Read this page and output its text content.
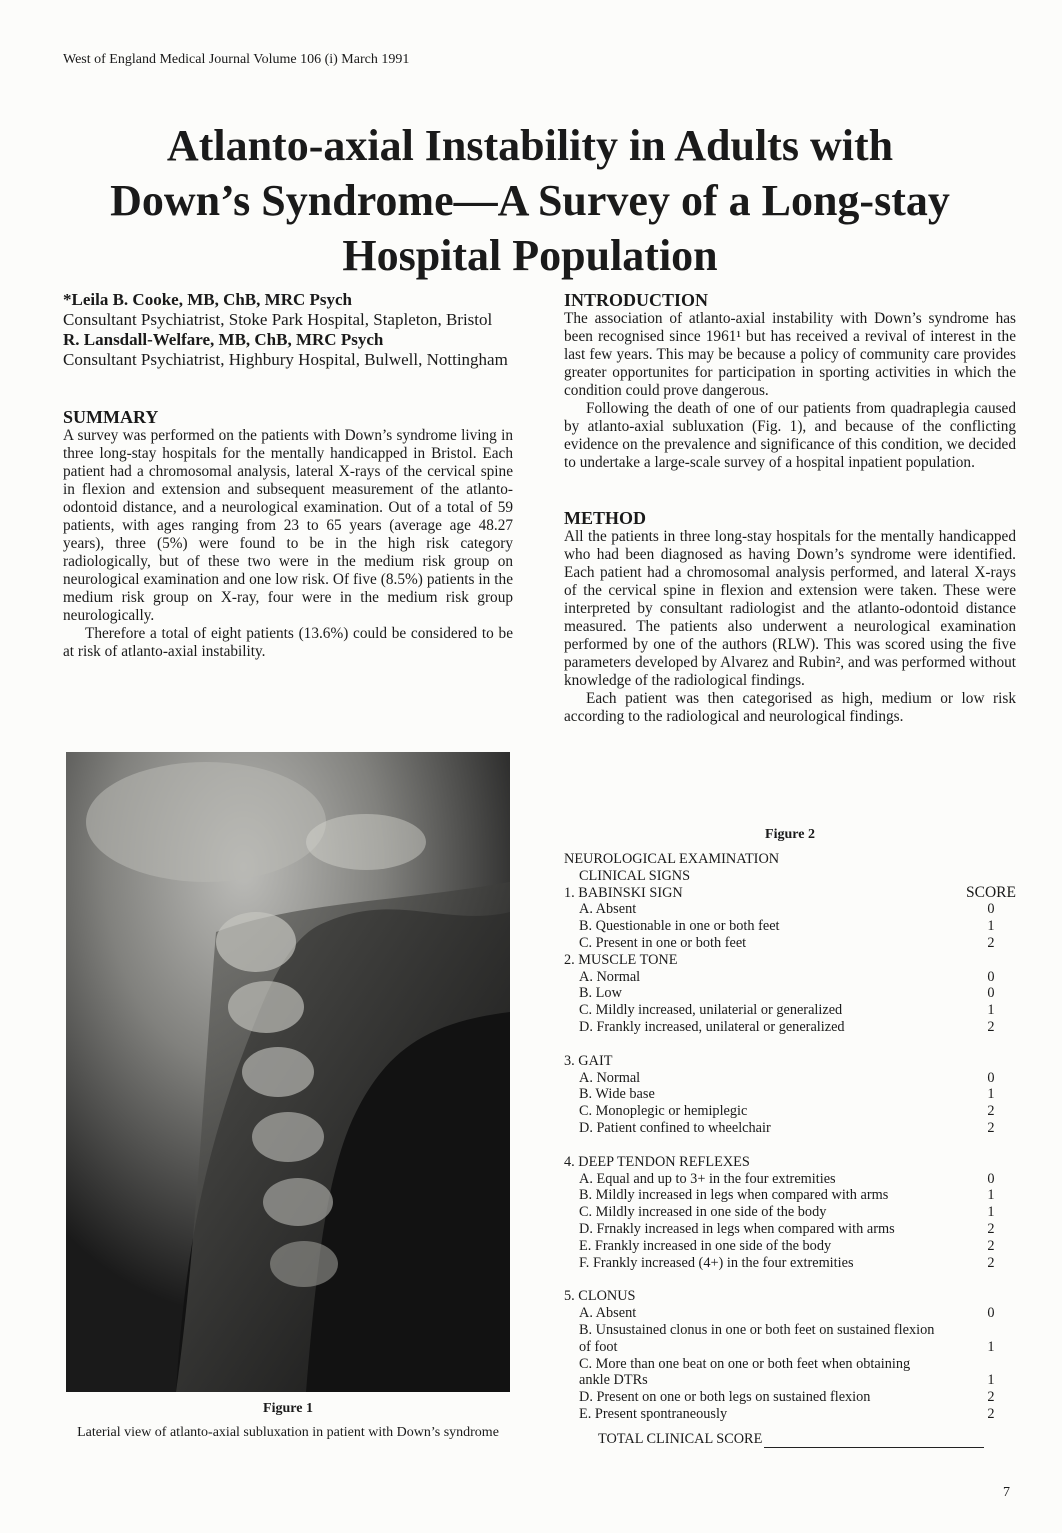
West of England Medical Journal Volume 106 (i) March 1991
Atlanto-axial Instability in Adults with
Down’s Syndrome—A Survey of a Long-stay
Hospital Population

*Leila B. Cooke, MB, ChB, MRC Psych
Consultant Psychiatrist, Stoke Park Hospital, Stapleton, Bristol

R. Lansdall-Welfare, MB, ChB, MRC Psych
Consultant Psychiatrist, Highbury Hospital, Bulwell, Nottingham

SUMMARY

A survey was performed on the patients with Down’s syndrome living in three long-stay hospitals for the mentally handicapped in Bristol. Each patient had a chromosomal analysis, lateral X-rays of the cervical spine in flexion and extension and subsequent measurement of the atlanto-odontoid distance, and a neurological examination. Out of a total of 59 patients, with ages ranging from 23 to 65 years (average age 48.27 years), three (5%) were found to be in the high risk category radiologically, but of these two were in the medium risk group on neurological examination and one low risk. Of five (8.5%) patients in the medium risk group on X-ray, four were in the medium risk group neurologically.

Therefore a total of eight patients (13.6%) could be considered to be at risk of atlanto-axial instability.

Figure 1
Laterial view of atlanto-axial subluxation in patient with Down’s syndrome
INTRODUCTION

The association of atlanto-axial instability with Down’s syndrome has been recognised since 1961¹ but has received a revival of interest in the last few years. This may be because a policy of community care provides greater opportunites for participation in sporting activities in which the condition could prove dangerous.

Following the death of one of our patients from quadraplegia caused by atlanto-axial subluxation (Fig. 1), and because of the conflicting evidence on the prevalence and significance of this condition, we decided to undertake a large-scale survey of a hospital inpatient population.

METHOD

All the patients in three long-stay hospitals for the mentally handicapped who had been diagnosed as having Down’s syndrome were identified. Each patient had a chromosomal analysis performed, and lateral X-rays of the cervical spine in flexion and extension were taken. These were interpreted by consultant radiologist and the atlanto-odontoid distance measured. The patients also underwent a neurological examination performed by one of the authors (RLW). This was scored using the five parameters developed by Alvarez and Rubin², and was performed without knowledge of the radiological findings.

Each patient was then categorised as high, medium or low risk according to the radiological and neurological findings.

Figure 2
NEUROLOGICAL EXAMINATION
CLINICAL SIGNS
1. BABINSKI SIGN	SCORE
A. Absent	0
B. Questionable in one or both feet	1
C. Present in one or both feet	2
2. MUSCLE TONE
A. Normal	0
B. Low	0
C. Mildly increased, unilaterial or generalized	1
D. Frankly increased, unilateral or generalized	2
3. GAIT
A. Normal	0
B. Wide base	1
C. Monoplegic or hemiplegic	2
D. Patient confined to wheelchair	2
4. DEEP TENDON REFLEXES
A. Equal and up to 3+ in the four extremities	0
B. Mildly increased in legs when compared with arms	1
C. Mildly increased in one side of the body	1
D. Frnakly increased in legs when compared with arms	2
E. Frankly increased in one side of the body	2
F. Frankly increased (4+) in the four extremities	2
5. CLONUS
A. Absent	0
B. Unsustained clonus in one or both feet on sustained flexion of foot	1
C. More than one beat on one or both feet when obtaining ankle DTRs	1
D. Present on one or both legs on sustained flexion	2
E. Present spontraneously	2
TOTAL CLINICAL SCORE
7
